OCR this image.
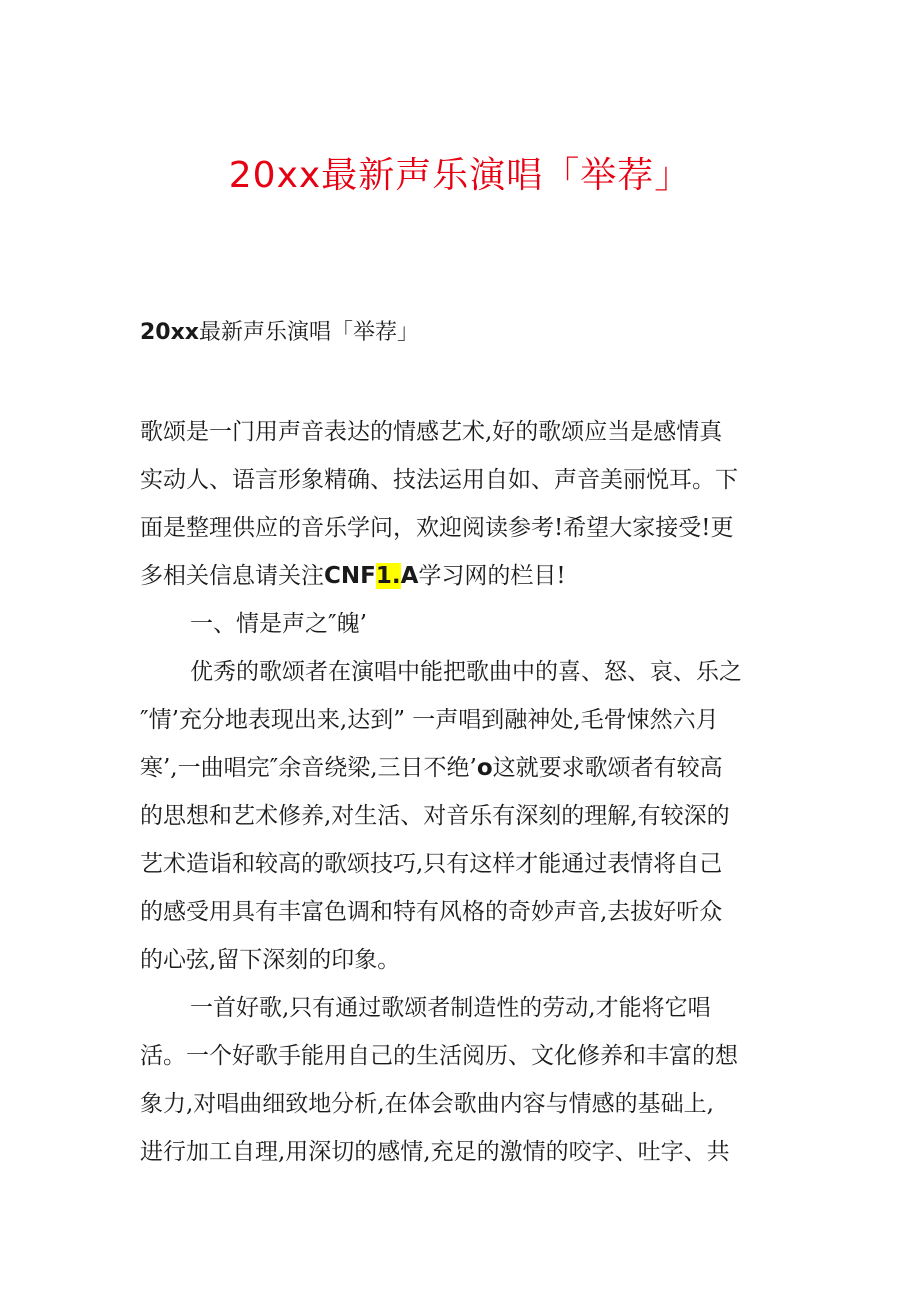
20xx最新声乐演唱「举荐」
20xx最新声乐演唱「举荐」
歌颂是一门用声音表达的情感艺术,好的歌颂应当是感情真
实动人、语言形象精确、技法运用自如、声音美丽悦耳。下
面是整理供应的音乐学问，欢迎阅读参考!希望大家接受!更
多相关信息请关注CNF1.A学习网的栏目!
一、情是声之″魄’
优秀的歌颂者在演唱中能把歌曲中的喜、怒、哀、乐之
″情’充分地表现出来,达到” 一声唱到融神处,毛骨悚然六月
寒’,一曲唱完″余音绕梁,三日不绝’o这就要求歌颂者有较高
的思想和艺术修养,对生活、对音乐有深刻的理解,有较深的
艺术造诣和较高的歌颂技巧,只有这样才能通过表情将自己
的感受用具有丰富色调和特有风格的奇妙声音,去拔好听众
的心弦,留下深刻的印象。
一首好歌,只有通过歌颂者制造性的劳动,才能将它唱
活。一个好歌手能用自己的生活阅历、文化修养和丰富的想
象力,对唱曲细致地分析,在体会歌曲内容与情感的基础上,
进行加工自理,用深切的感情,充足的激情的咬字、吐字、共
